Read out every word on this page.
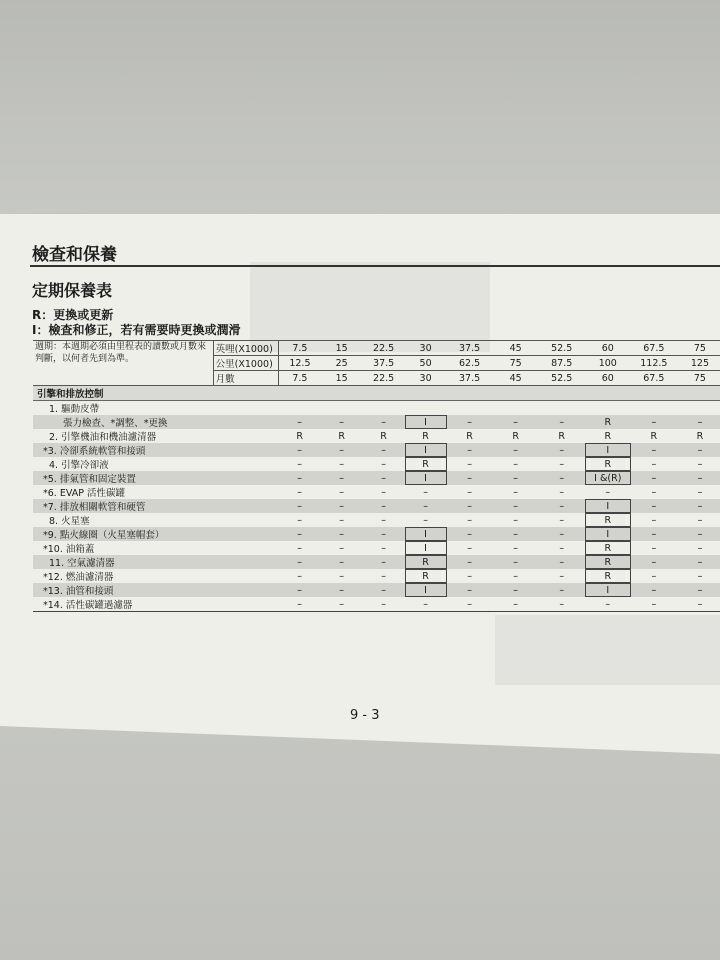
檢查和保養
定期保養表
R：更換或更新
I：檢查和修正，若有需要時更換或潤滑
週期：本週期必須由里程表的讀數或月數來判斷，以何者先到為準。	英哩(X1000)	7.5	15	22.5	30	37.5	45	52.5	60	67.5	75
	公里(X1000)	12.5	25	37.5	50	62.5	75	87.5	100	112.5	125
	月數	7.5	15	22.5	30	37.5	45	52.5	60	67.5	75
引擎和排放控制											
1. 驅動皮帶											
張力檢查、*調整、*更換		–	–	–	I	–	–	–	R	–	–
2. 引擎機油和機油濾清器		R	R	R	R	R	R	R	R	R	R
*3. 冷卻系統軟管和接頭		–	–	–	I	–	–	–	I	–	–
4. 引擎冷卻液		–	–	–	R	–	–	–	R	–	–
*5. 排氣管和固定裝置		–	–	–	I	–	–	–	I &(R)	–	–
*6. EVAP 活性碳罐		–	–	–	–	–	–	–	–	–	–
*7. 排放相關軟管和硬管		–	–	–	–	–	–	–	I	–	–
8. 火星塞		–	–	–	–	–	–	–	R	–	–
*9. 點火線圈（火星塞帽套）		–	–	–	I	–	–	–	I	–	–
*10. 油箱蓋		–	–	–	I	–	–	–	R	–	–
11. 空氣濾清器		–	–	–	R	–	–	–	R	–	–
*12. 燃油濾清器		–	–	–	R	–	–	–	R	–	–
*13. 油管和接頭		–	–	–	I	–	–	–	I	–	–
*14. 活性碳罐過濾器		–	–	–	–	–	–	–	–	–	–
9 - 3
